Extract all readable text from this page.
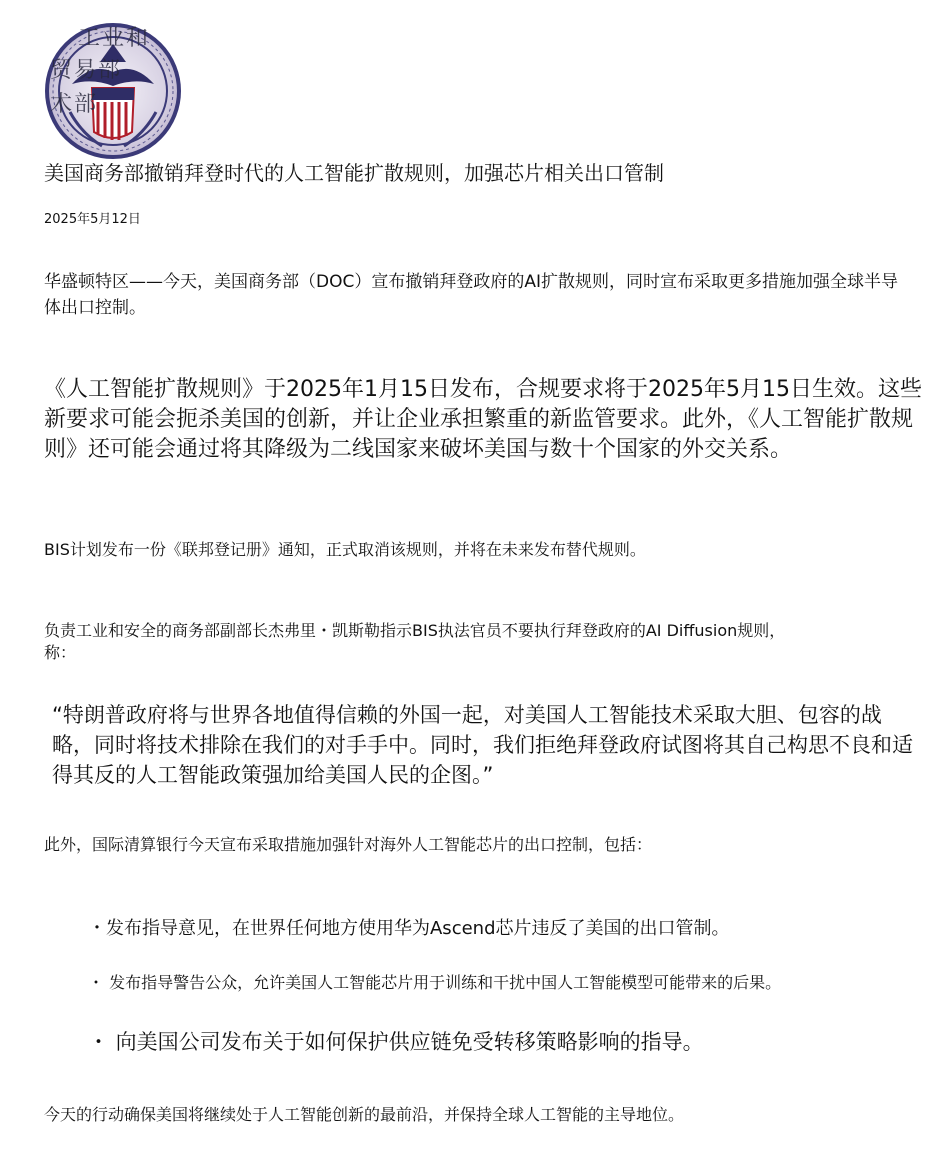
工业和
贸易部
术部
美国商务部撤销拜登时代的人工智能扩散规则，加强芯片相关出口管制
2025年5月12日

华盛顿特区——今天，美国商务部（DOC）宣布撤销拜登政府的AI扩散规则，同时宣布采取更多措施加强全球半导体出口控制。

《人工智能扩散规则》于2025年1月15日发布，合规要求将于2025年5月15日生效。这些新要求可能会扼杀美国的创新，并让企业承担繁重的新监管要求。此外，《人工智能扩散规则》还可能会通过将其降级为二线国家来破坏美国与数十个国家的外交关系。

BIS计划发布一份《联邦登记册》通知，正式取消该规则，并将在未来发布替代规则。

负责工业和安全的商务部副部长杰弗里・凯斯勒指示BIS执法官员不要执行拜登政府的AI Diffusion规则，称：

“特朗普政府将与世界各地值得信赖的外国一起，对美国人工智能技术采取大胆、包容的战略，同时将技术排除在我们的对手手中。同时，我们拒绝拜登政府试图将其自己构思不良和适得其反的人工智能政策强加给美国人民的企图。”

此外，国际清算银行今天宣布采取措施加强针对海外人工智能芯片的出口控制，包括：

・发布指导意见，在世界任何地方使用华为Ascend芯片违反了美国的出口管制。
・ 发布指导警告公众，允许美国人工智能芯片用于训练和干扰中国人工智能模型可能带来的后果。
・ 向美国公司发布关于如何保护供应链免受转移策略影响的指导。

今天的行动确保美国将继续处于人工智能创新的最前沿，并保持全球人工智能的主导地位。
